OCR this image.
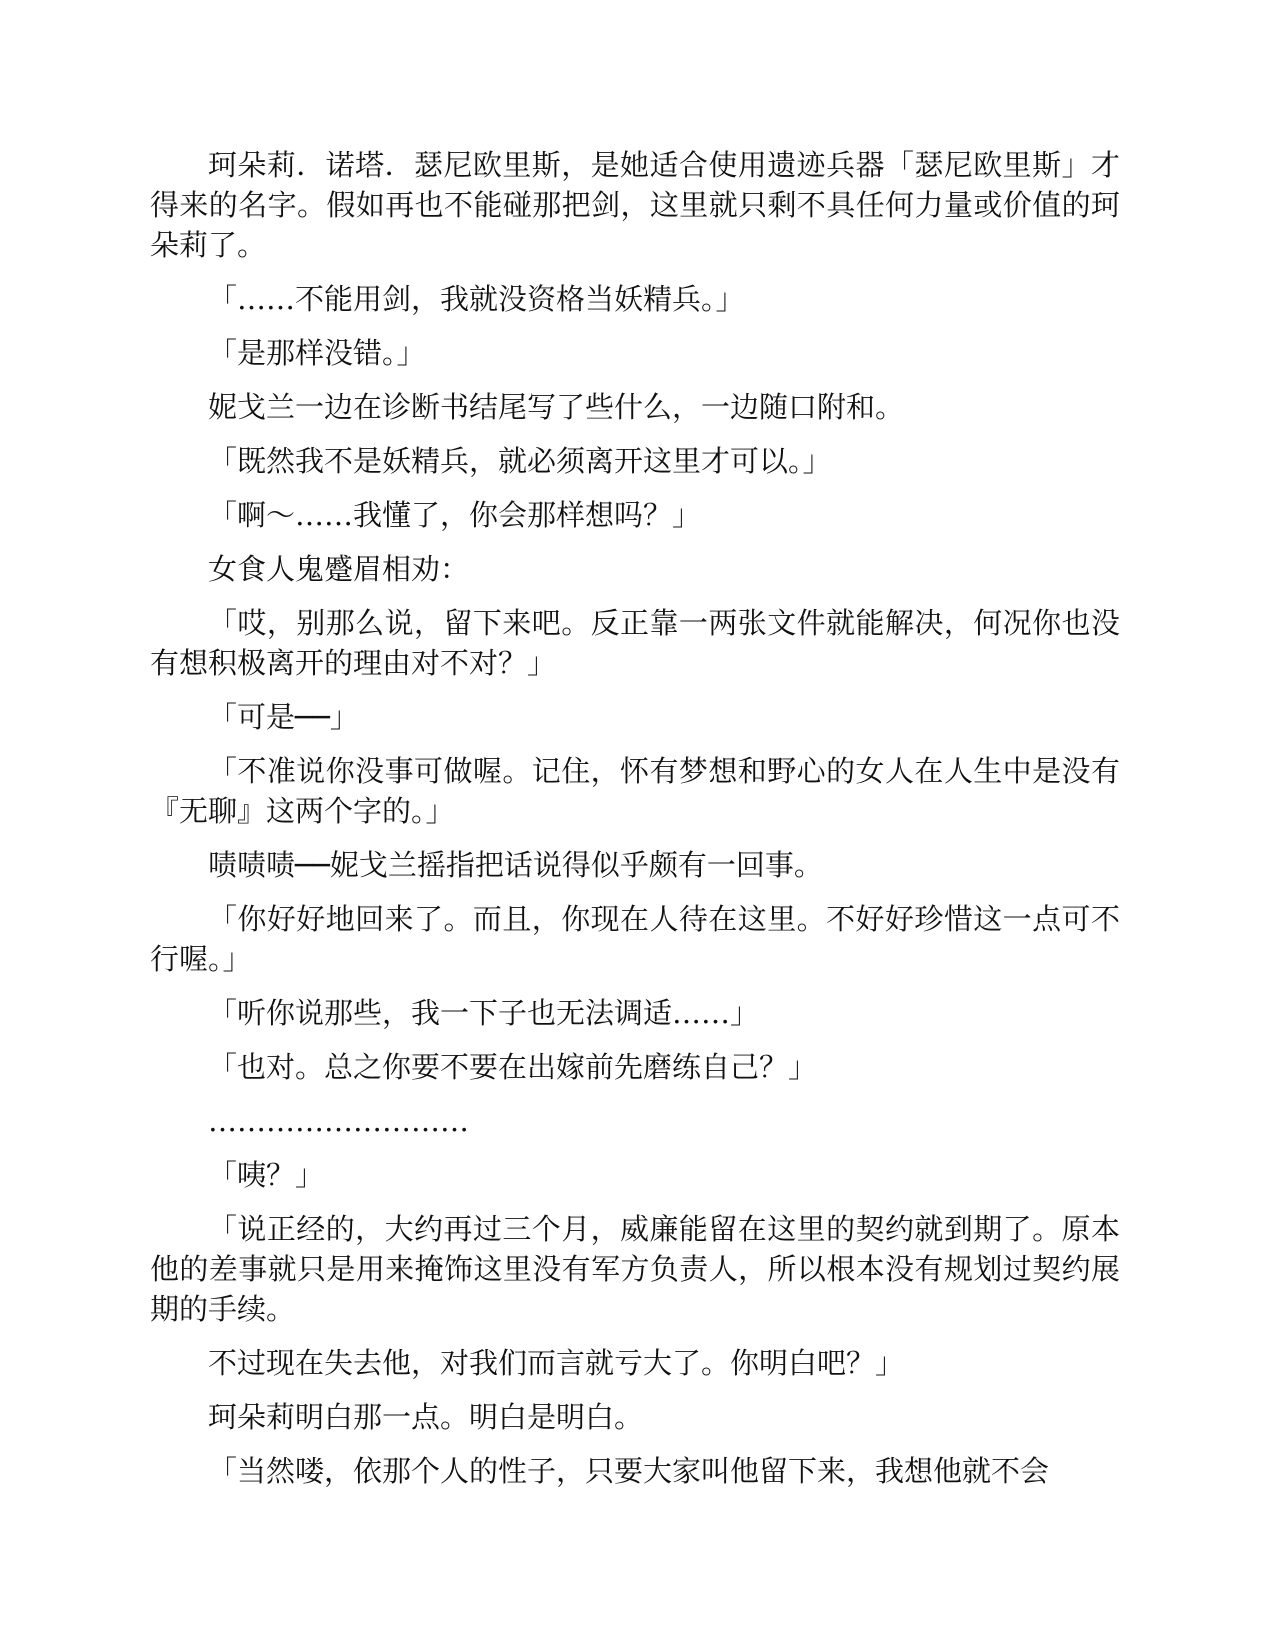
珂朵莉．诺塔．瑟尼欧里斯，是她适合使用遗迹兵器「瑟尼欧里斯」才得来的名字。假如再也不能碰那把剑，这里就只剩不具任何力量或价值的珂朵莉了。

「……不能用剑，我就没资格当妖精兵。」

「是那样没错。」

妮戈兰一边在诊断书结尾写了些什么，一边随口附和。

「既然我不是妖精兵，就必须离开这里才可以。」

「啊～……我懂了，你会那样想吗？」

女食人鬼蹙眉相劝：

「哎，别那么说，留下来吧。反正靠一两张文件就能解决，何况你也没有想积极离开的理由对不对？」

「可是──」

「不准说你没事可做喔。记住，怀有梦想和野心的女人在人生中是没有『无聊』这两个字的。」

啧啧啧──妮戈兰摇指把话说得似乎颇有一回事。

「你好好地回来了。而且，你现在人待在这里。不好好珍惜这一点可不行喔。」

「听你说那些，我一下子也无法调适……」

「也对。总之你要不要在出嫁前先磨练自己？」

………………………

「咦？」

「说正经的，大约再过三个月，威廉能留在这里的契约就到期了。原本他的差事就只是用来掩饰这里没有军方负责人，所以根本没有规划过契约展期的手续。

不过现在失去他，对我们而言就亏大了。你明白吧？」

珂朵莉明白那一点。明白是明白。

「当然喽，依那个人的性子，只要大家叫他留下来，我想他就不会
